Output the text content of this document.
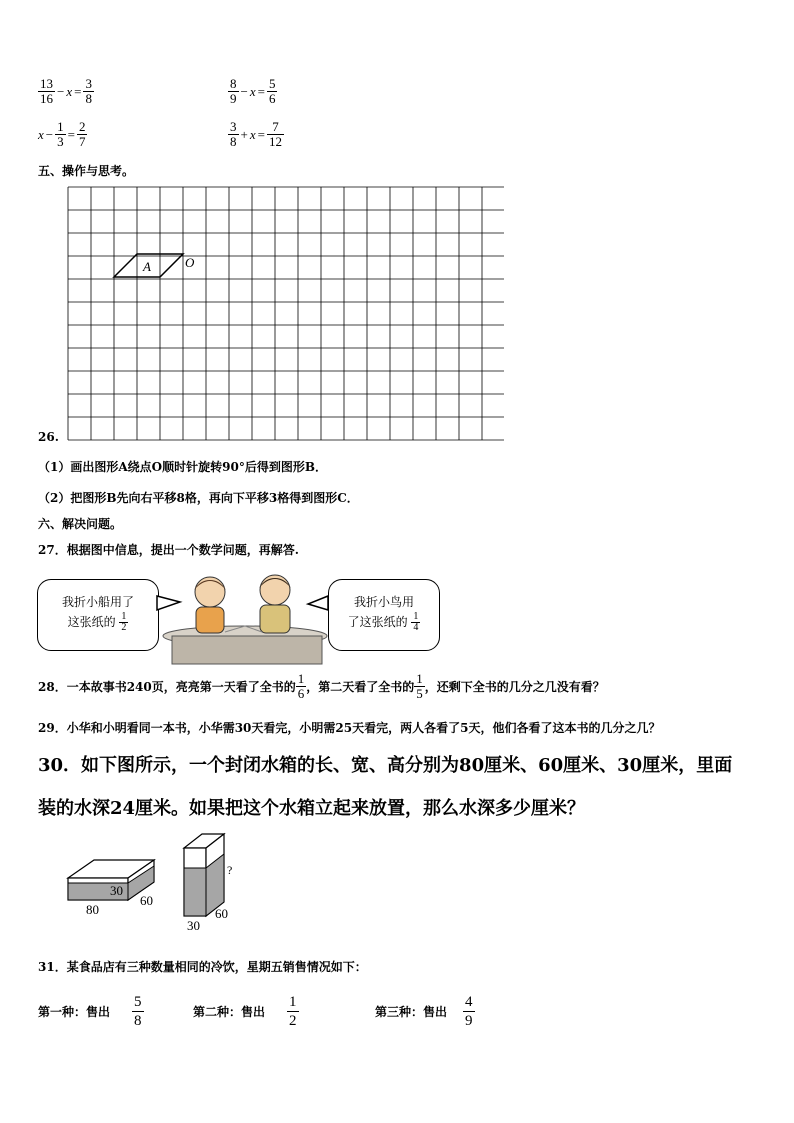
$\frac{13}{16} - x = \frac{3}{8}$	$\frac{8}{9} - x = \frac{5}{6}$
$x - \frac{1}{3} = \frac{2}{7}$	$\frac{3}{8} + x = \frac{7}{12}$
五、操作与思考。
A	O
26.
（1）画出图形A绕点O顺时针旋转90°后得到图形B．
（2）把图形B先向右平移8格，再向下平移3格得到图形C．
六、解决问题。
27．根据图中信息，提出一个数学问题，再解答.
我折小船用了
这张纸的 $\frac{1}{2}$
我折小鸟用
了这张纸的 $\frac{1}{4}$
28．一本故事书240页，亮亮第一天看了全书的 $\frac{1}{6}$ ，第二天看了全书的 $\frac{1}{5}$ ，还剩下全书的几分之几没有看？
29．小华和小明看同一本书，小华需30天看完，小明需25天看完，两人各看了5天，他们各看了这本书的几分之几？
30．如下图所示，一个封闭水箱的长、宽、高分别为80厘米、60厘米、30厘米，里面
装的水深24厘米。如果把这个水箱立起来放置，那么水深多少厘米？
30
80
60
?
30
60
31．某食品店有三种数量相同的冷饮，星期五销售情况如下：
第一种：售出 $\frac{5}{8}$	第二种：售出 $\frac{1}{2}$	第三种：售出 $\frac{4}{9}$
